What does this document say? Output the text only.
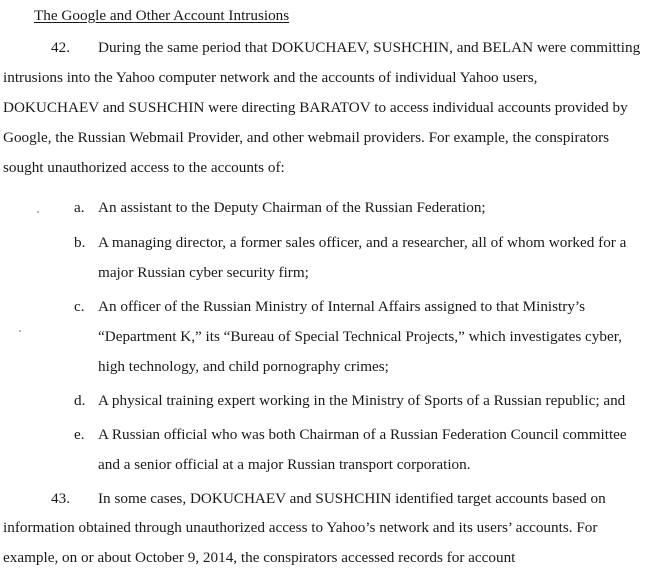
The Google and Other Account Intrusions
42. During the same period that DOKUCHAEV, SUSHCHIN, and BELAN were committing
intrusions into the Yahoo computer network and the accounts of individual Yahoo users,
DOKUCHAEV and SUSHCHIN were directing BARATOV to access individual accounts provided by
Google, the Russian Webmail Provider, and other webmail providers. For example, the conspirators
sought unauthorized access to the accounts of:
a. An assistant to the Deputy Chairman of the Russian Federation;
b. A managing director, a former sales officer, and a researcher, all of whom worked for a
major Russian cyber security firm;
c. An officer of the Russian Ministry of Internal Affairs assigned to that Ministry’s
“Department K,” its “Bureau of Special Technical Projects,” which investigates cyber,
high technology, and child pornography crimes;
d. A physical training expert working in the Ministry of Sports of a Russian republic; and
e. A Russian official who was both Chairman of a Russian Federation Council committee
and a senior official at a major Russian transport corporation.
43. In some cases, DOKUCHAEV and SUSHCHIN identified target accounts based on
information obtained through unauthorized access to Yahoo’s network and its users’ accounts. For
example, on or about October 9, 2014, the conspirators accessed records for account
